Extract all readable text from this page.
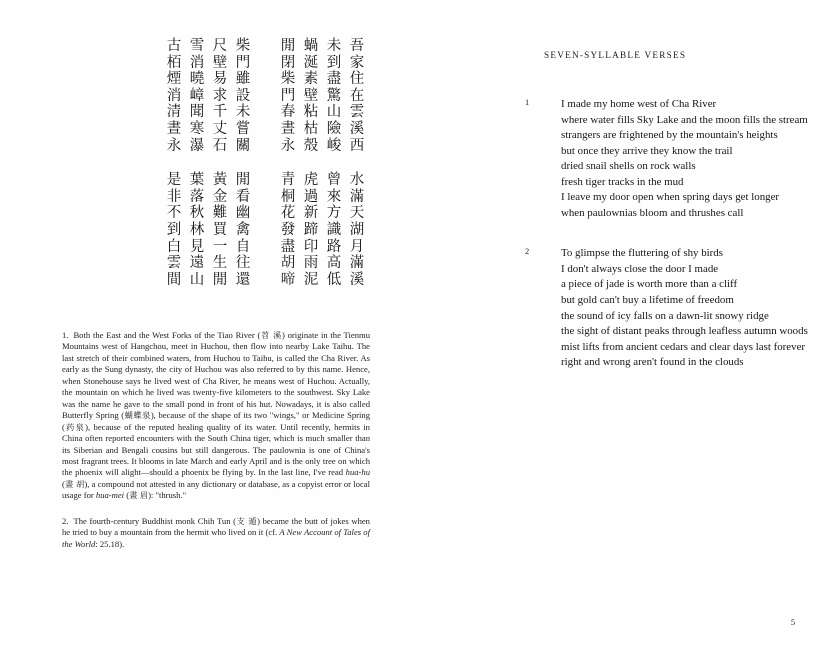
吾
家
住
在
雲
溪
西
水
滿
天
湖
月
滿
溪
未
到
盡
驚
山
險
峻
曾
來
方
識
路
高
低
蝸
涎
素
壁
粘
枯
殼
虎
過
新
蹄
印
雨
泥
閒
閉
柴
門
春
晝
永
青
桐
花
發
盡
胡
啼
柴
門
雖
設
未
嘗
關
閒
看
幽
禽
自
往
還
尺
壁
易
求
千
丈
石
黃
金
難
買
一
生
閒
雪
消
曉
嶂
聞
寒
瀑
葉
落
秋
林
見
遠
山
古
栢
煙
消
清
晝
永
是
非
不
到
白
雲
間

1. Both the East and the West Forks of the Tiao River (苕 溪) originate in the Tienmu Mountains west of Hangchou, meet in Huchou, then flow into nearby Lake Taihu. The last stretch of their combined waters, from Huchou to Taihu, is called the Cha River. As early as the Sung dynasty, the city of Huchou was also referred to by this name. Hence, when Stonehouse says he lived west of Cha River, he means west of Huchou. Actually, the mountain on which he lived was twenty-five kilometers to the southwest. Sky Lake was the name he gave to the small pond in front of his hut. Nowadays, it is also called Butterfly Spring (蝴蝶泉), because of the shape of its two "wings," or Medicine Spring (药泉), because of the reputed healing quality of its water. Until recently, hermits in China often reported encounters with the South China tiger, which is much smaller than its Siberian and Bengali cousins but still dangerous. The paulownia is one of China's most fragrant trees. It blooms in late March and early April and is the only tree on which the phoenix will alight—should a phoenix be flying by. In the last line, I've read hua-hu (晝 胡), a compound not attested in any dictionary or database, as a copyist error or local usage for hua-mei (晝 眉): "thrush."

2. The fourth-century Buddhist monk Chih Tun (支 遁) became the butt of jokes when he tried to buy a mountain from the hermit who lived on it (cf. A New Account of Tales of the World: 25.18).

SEVEN-SYLLABLE VERSES
1	I made my home west of Cha River
where water fills Sky Lake and the moon fills the stream
strangers are frightened by the mountain's heights
but once they arrive they know the trail
dried snail shells on rock walls
fresh tiger tracks in the mud
I leave my door open when spring days get longer
when paulownias bloom and thrushes call
2	To glimpse the fluttering of shy birds
I don't always close the door I made
a piece of jade is worth more than a cliff
but gold can't buy a lifetime of freedom
the sound of icy falls on a dawn-lit snowy ridge
the sight of distant peaks through leafless autumn woods
mist lifts from ancient cedars and clear days last forever
right and wrong aren't found in the clouds
5
